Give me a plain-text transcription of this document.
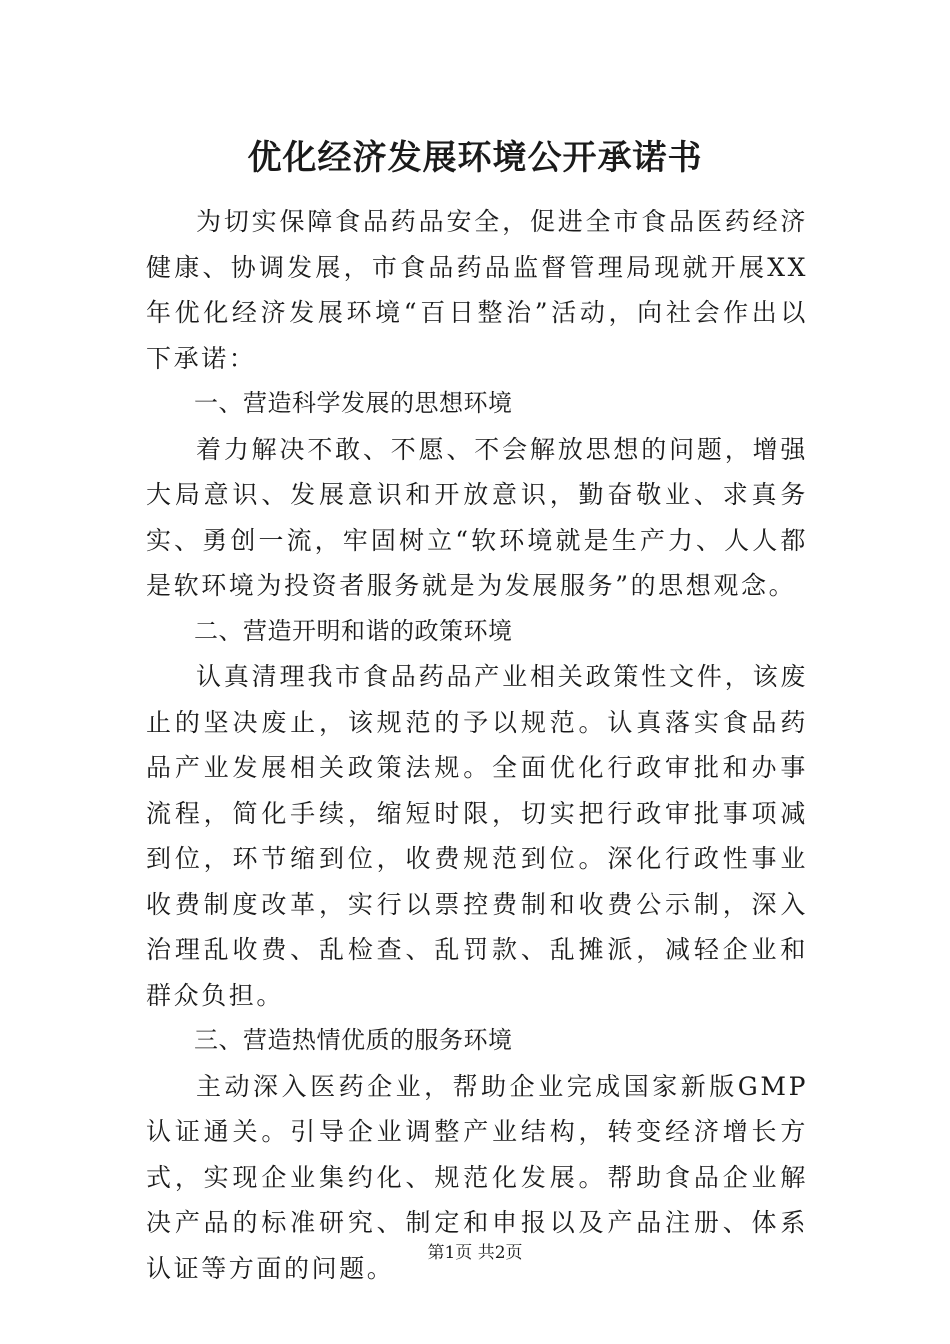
优化经济发展环境公开承诺书

为切实保障食品药品安全，促进全市食品医药经济健康、协调发展，市食品药品监督管理局现就开展XX年优化经济发展环境“百日整治”活动，向社会作出以下承诺：

一、营造科学发展的思想环境

着力解决不敢、不愿、不会解放思想的问题，增强大局意识、发展意识和开放意识，勤奋敬业、求真务实、勇创一流，牢固树立“软环境就是生产力、人人都是软环境为投资者服务就是为发展服务”的思想观念。

二、营造开明和谐的政策环境

认真清理我市食品药品产业相关政策性文件，该废止的坚决废止，该规范的予以规范。认真落实食品药品产业发展相关政策法规。全面优化行政审批和办事流程，简化手续，缩短时限，切实把行政审批事项减到位，环节缩到位，收费规范到位。深化行政性事业收费制度改革，实行以票控费制和收费公示制，深入治理乱收费、乱检查、乱罚款、乱摊派，减轻企业和群众负担。

三、营造热情优质的服务环境

主动深入医药企业，帮助企业完成国家新版GMP认证通关。引导企业调整产业结构，转变经济增长方式，实现企业集约化、规范化发展。帮助食品企业解决产品的标准研究、制定和申报以及产品注册、体系认证等方面的问题。

第1页 共2页
